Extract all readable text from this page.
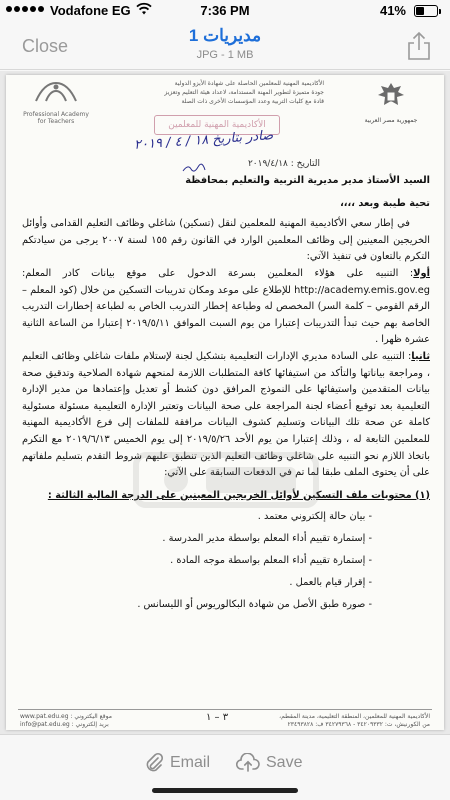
Vodafone EG	7:36 PM	41%
Close
مديريات 1
JPG - 1 MB
جمهورية مصر العربية
الأكاديمية المهنية للمعلمين الحاصلة على شهادة الأيزو الدولية
جودة متميزة لتطوير المهنة المستدامة، لاعداد هيئة التعليم وتعزيز
قادة مع كليات التربية وعدد المؤسسات الأخرى ذات الصلة
Professional Academy for Teachers	الأكاديمية المهنية للمعلمين
صادر بتاريخ ١٨ / ٤ / ٢٠١٩
التاريخ : ٢٠١٩/٤/١٨

السيد الأستاذ مدير مديرية التربية والتعليم بمحافظة

تحية طيبة وبعد ،،،،

في إطار سعي الأكاديمية المهنية للمعلمين لنقل (تسكين) شاغلي وظائف التعليم القدامى وأوائل الخريجين المعينين إلى وظائف المعلمين الوارد في القانون رقم ١٥٥ لسنة ٢٠٠٧ يرجى من سيادتكم التكرم بالتعاون في تنفيذ الآتي:

أولا: التنبيه على هؤلاء المعلمين بسرعة الدخول على موقع بيانات كادر المعلم: http://academy.emis.gov.eg للإطلاع على موعد ومكان تدريبات التسكين من خلال (كود المعلم – الرقم القومي – كلمة السر) المخصص له وطباعة إخطار التدريب الخاص به لطباعة إخطارات التدريب الخاصة بهم حيث تبدأ التدريبات إعتبارا من يوم السبت الموافق ٢٠١٩/٥/١١ إعتبارا من الساعة الثانية عشرة ظهرا .

ثانيا: التنبيه على السادة مديري الإدارات التعليمية بتشكيل لجنة لإستلام ملفات شاغلي وظائف التعليم ، ومراجعة بياناتها والتأكد من استيفائها كافة المتطلبات اللازمة لمنحهم شهادة الصلاحية وتدقيق صحة بيانات المتقدمين واستيفائها على النموذج المرافق دون كشط أو تعديل وإعتمادها من مدير الإدارة التعليمية بعد توقيع أعضاء لجنة المراجعة على صحة البيانات وتعتبر الإدارة التعليمية مسئولة مسئولية كاملة عن صحة تلك البيانات وتسليم كشوف البيانات مرافقة للملفات إلى فرع الأكاديمية المهنية للمعلمين التابعة له ، وذلك إعتبارا من يوم الأحد ٢٠١٩/٥/٢٦ إلى يوم الخميس ٢٠١٩/٦/١٣ مع التكرم باتخاذ اللازم نحو التنبيه على شاغلي وظائف التعليم الذين تنطبق عليهم شروط التقدم بتسليم ملفاتهم على أن يحتوى الملف طبقا لما تم في الدفعات السابقة على الآتي:

(١) محتويات ملف التسكين لأوائل الخريجين المعينين على الدرجة المالية الثالثة :

- بيان حالة إلكتروني معتمد .
- إستمارة تقييم أداء المعلم بواسطة مدير المدرسة .
- إستمارة تقييم أداء المعلم بواسطة موجه المادة .
- إقرار قيام بالعمل .
- صورة طبق الأصل من شهادة البكالوريوس أو الليسانس .
www.pat.edu.eg : موقع اليكتروني
info@pat.edu.eg : بريد إلكتروني
٣ – ١	الأكاديمية المهنية للمعلمين، المنطقة التعليمية، مدينة المقطم، من الكورنيش، ت: ٣٤٢٠٩٣٣٢ - ٣٤٢٧٩٣٦٨ ف: ٢٣٤٩٣٨٢٨
Email	Save
